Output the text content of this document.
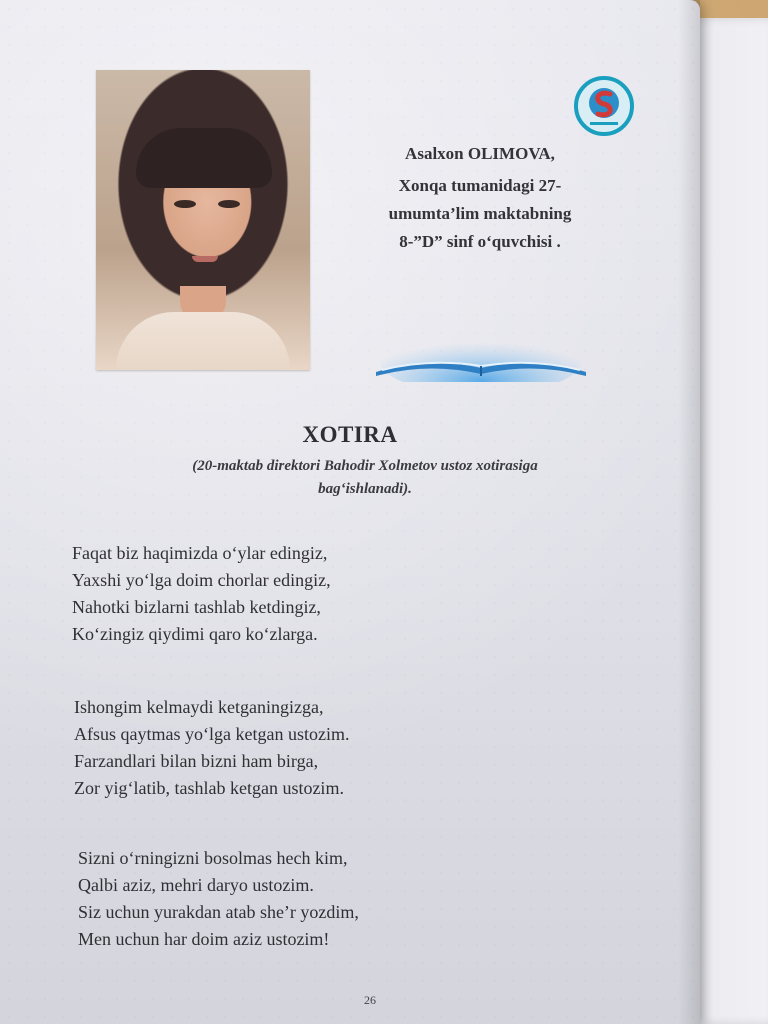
Asalxon OLIMOVA,
Xonqa tumanidagi 27-
umumta’lim maktabning
8-”D” sinf o‘quvchisi .
XOTIRA
(20-maktab direktori Bahodir Xolmetov ustoz xotirasiga
bag‘ishlanadi).
Faqat biz haqimizda o‘ylar edingiz,
Yaxshi yo‘lga doim chorlar edingiz,
Nahotki bizlarni tashlab ketdingiz,
Ko‘zingiz qiydimi qaro ko‘zlarga.
Ishongim kelmaydi ketganingizga,
Afsus qaytmas yo‘lga ketgan ustozim.
Farzandlari bilan bizni ham birga,
Zor yig‘latib, tashlab ketgan ustozim.
Sizni o‘rningizni bosolmas hech kim,
Qalbi aziz, mehri daryo ustozim.
Siz uchun yurakdan atab she’r yozdim,
Men uchun har doim aziz ustozim!
26
